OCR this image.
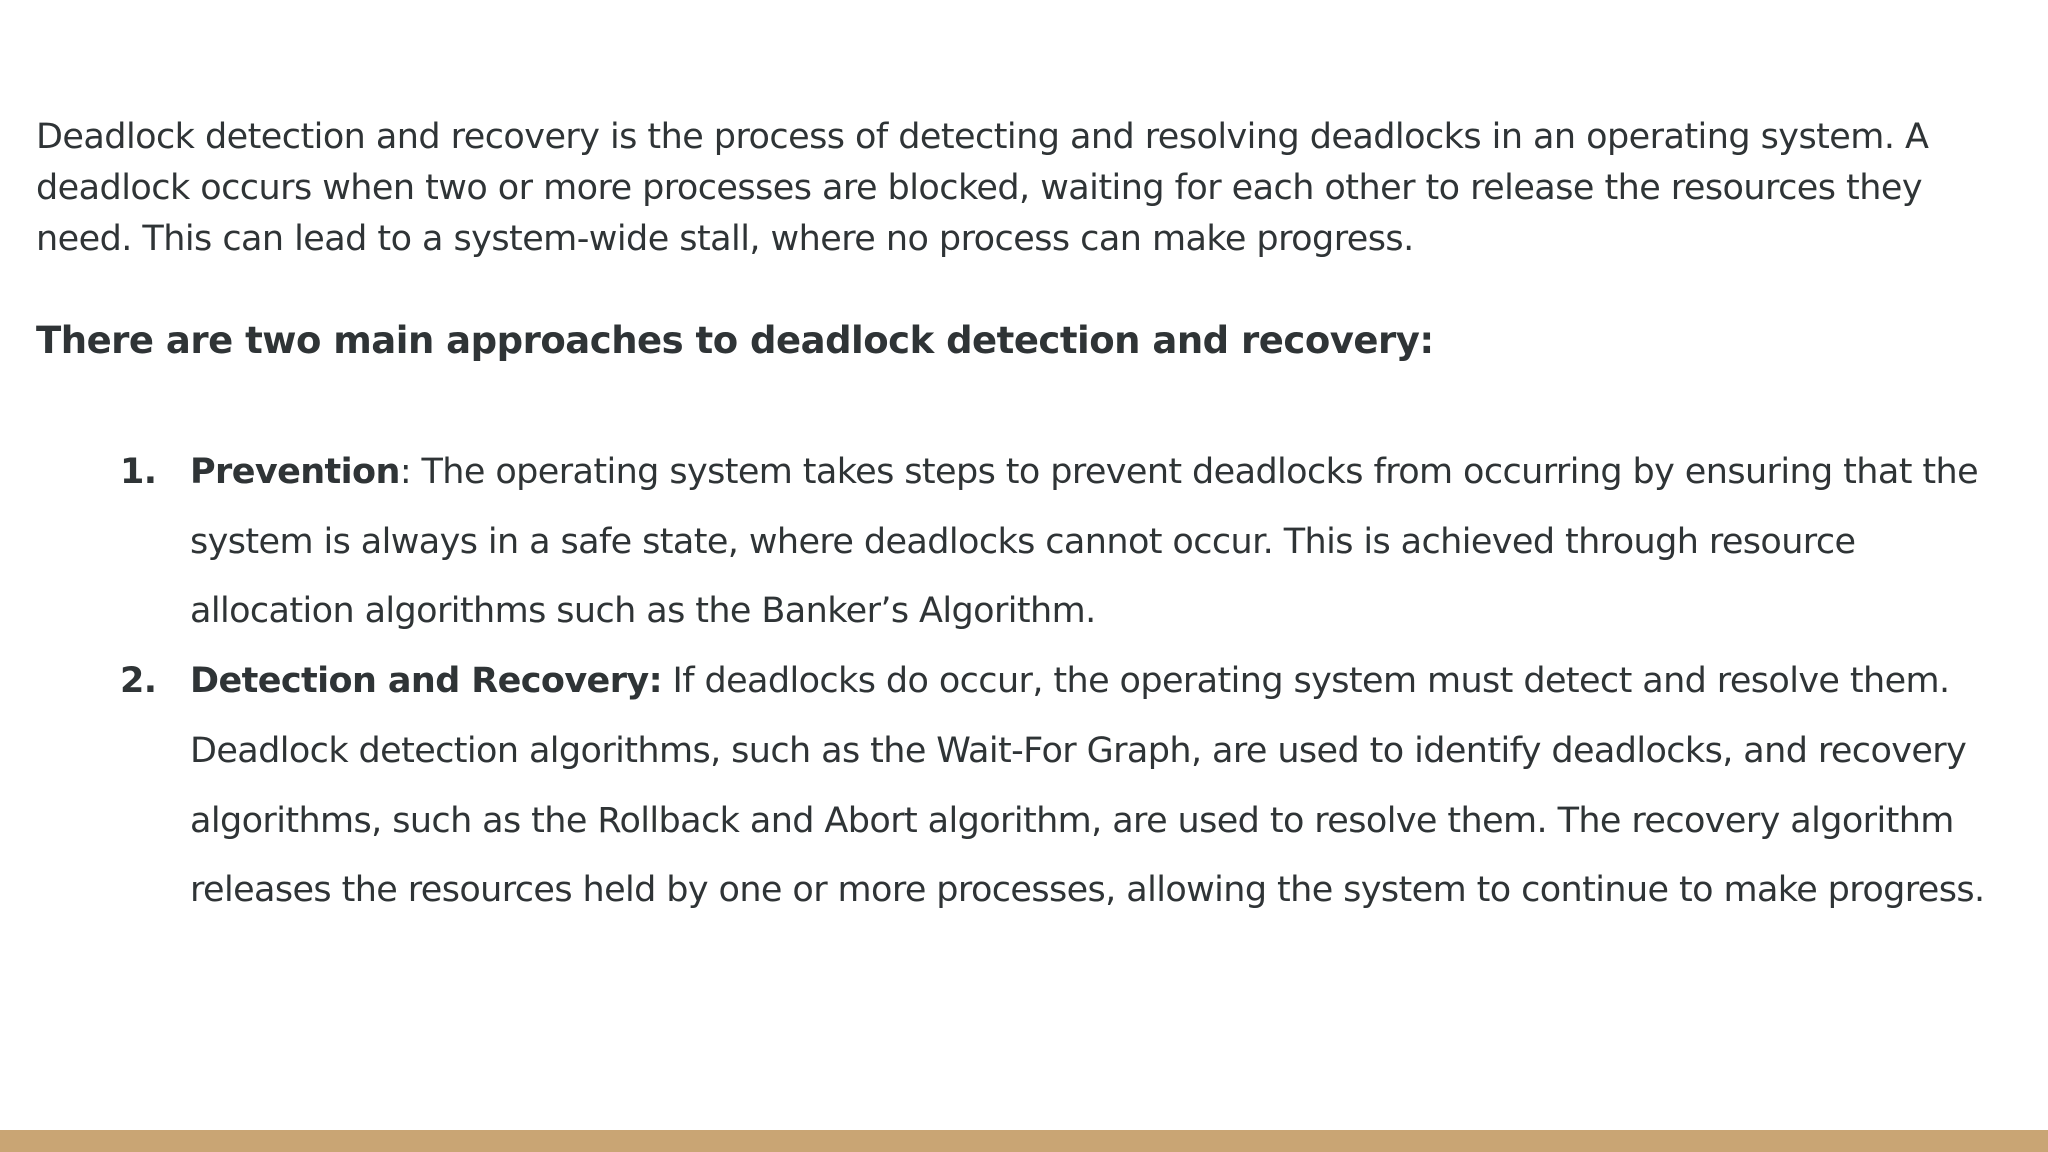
Deadlock detection and recovery is the process of detecting and resolving deadlocks in an operating system. A deadlock occurs when two or more processes are blocked, waiting for each other to release the resources they need. This can lead to a system-wide stall, where no process can make progress.

There are two main approaches to deadlock detection and recovery:
1. Prevention: The operating system takes steps to prevent deadlocks from occurring by ensuring that the system is always in a safe state, where deadlocks cannot occur. This is achieved through resource allocation algorithms such as the Banker’s Algorithm.
2. Detection and Recovery: If deadlocks do occur, the operating system must detect and resolve them. Deadlock detection algorithms, such as the Wait-For Graph, are used to identify deadlocks, and recovery algorithms, such as the Rollback and Abort algorithm, are used to resolve them. The recovery algorithm releases the resources held by one or more processes, allowing the system to continue to make progress.
